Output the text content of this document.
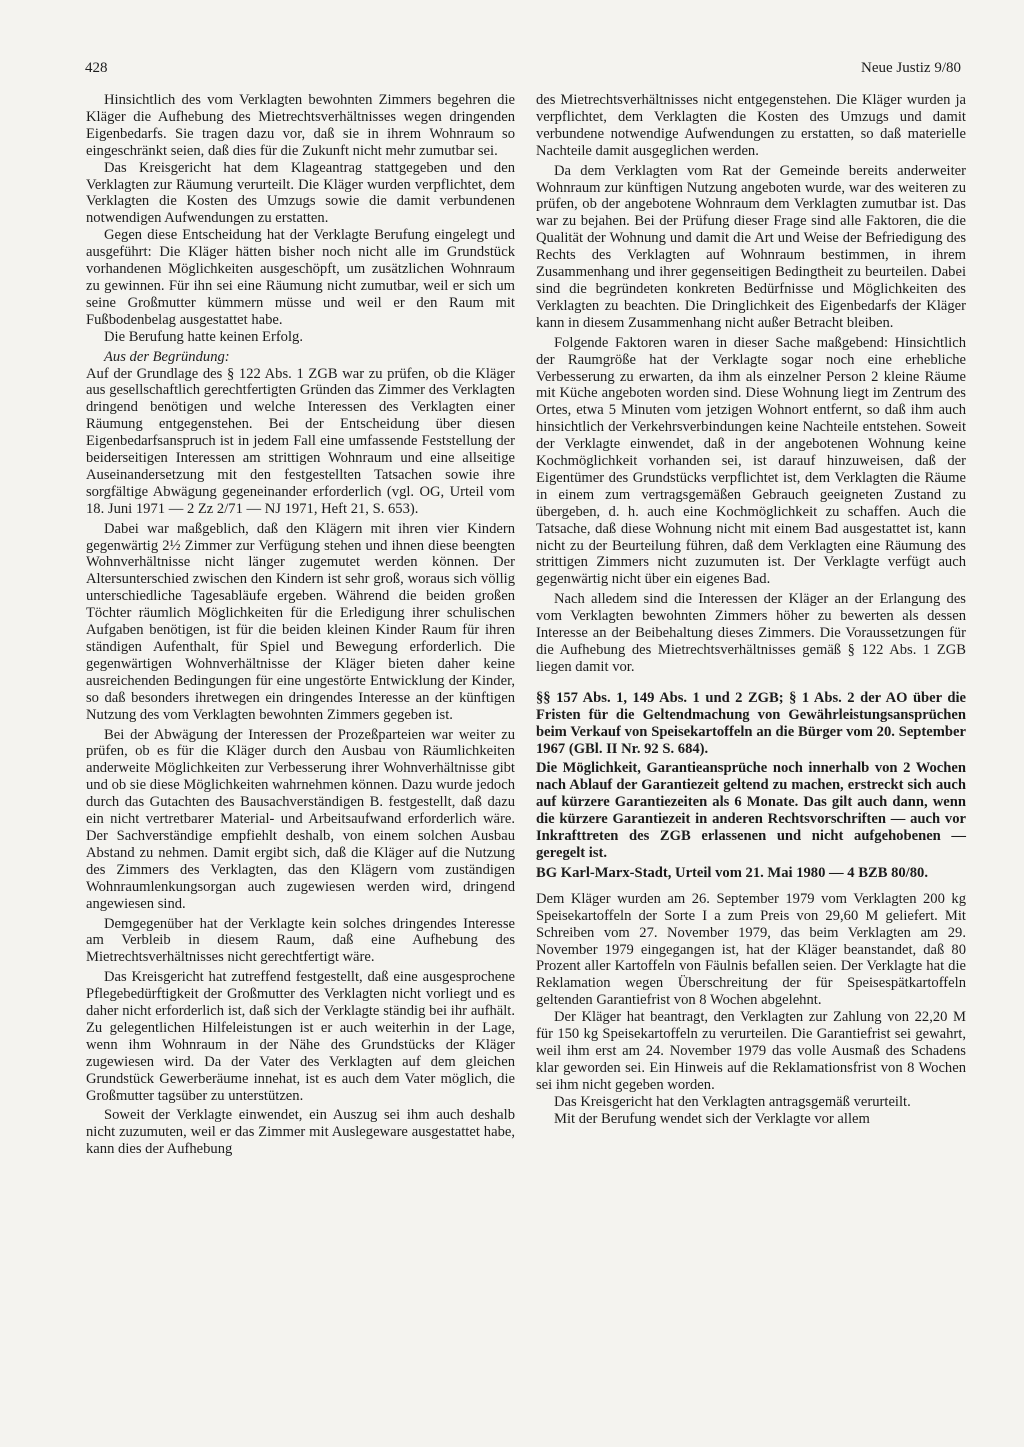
428	Neue Justiz 9/80

Hinsichtlich des vom Verklagten bewohnten Zimmers begehren die Kläger die Aufhebung des Mietrechtsverhältnisses wegen dringenden Eigenbedarfs. Sie tragen dazu vor, daß sie in ihrem Wohnraum so eingeschränkt seien, daß dies für die Zukunft nicht mehr zumutbar sei.

Das Kreisgericht hat dem Klageantrag stattgegeben und den Verklagten zur Räumung verurteilt. Die Kläger wurden verpflichtet, dem Verklagten die Kosten des Umzugs sowie die damit verbundenen notwendigen Aufwendungen zu erstatten.

Gegen diese Entscheidung hat der Verklagte Berufung eingelegt und ausgeführt: Die Kläger hätten bisher noch nicht alle im Grundstück vorhandenen Möglichkeiten ausgeschöpft, um zusätzlichen Wohnraum zu gewinnen. Für ihn sei eine Räumung nicht zumutbar, weil er sich um seine Großmutter kümmern müsse und weil er den Raum mit Fußbodenbelag ausgestattet habe.

Die Berufung hatte keinen Erfolg.

Aus der Begründung:

Auf der Grundlage des § 122 Abs. 1 ZGB war zu prüfen, ob die Kläger aus gesellschaftlich gerechtfertigten Gründen das Zimmer des Verklagten dringend benötigen und welche Interessen des Verklagten einer Räumung entgegenstehen. Bei der Entscheidung über diesen Eigenbedarfsanspruch ist in jedem Fall eine umfassende Feststellung der beiderseitigen Interessen am strittigen Wohnraum und eine allseitige Auseinandersetzung mit den festgestellten Tatsachen sowie ihre sorgfältige Abwägung gegeneinander erforderlich (vgl. OG, Urteil vom 18. Juni 1971 — 2 Zz 2/71 — NJ 1971, Heft 21, S. 653).

Dabei war maßgeblich, daß den Klägern mit ihren vier Kindern gegenwärtig 2½ Zimmer zur Verfügung stehen und ihnen diese beengten Wohnverhältnisse nicht länger zugemutet werden können. Der Altersunterschied zwischen den Kindern ist sehr groß, woraus sich völlig unterschiedliche Tagesabläufe ergeben. Während die beiden großen Töchter räumlich Möglichkeiten für die Erledigung ihrer schulischen Aufgaben benötigen, ist für die beiden kleinen Kinder Raum für ihren ständigen Aufenthalt, für Spiel und Bewegung erforderlich. Die gegenwärtigen Wohnverhältnisse der Kläger bieten daher keine ausreichenden Bedingungen für eine ungestörte Entwicklung der Kinder, so daß besonders ihretwegen ein dringendes Interesse an der künftigen Nutzung des vom Verklagten bewohnten Zimmers gegeben ist.

Bei der Abwägung der Interessen der Prozeßparteien war weiter zu prüfen, ob es für die Kläger durch den Ausbau von Räumlichkeiten anderweite Möglichkeiten zur Verbesserung ihrer Wohnverhältnisse gibt und ob sie diese Möglichkeiten wahrnehmen können. Dazu wurde jedoch durch das Gutachten des Bausachverständigen B. festgestellt, daß dazu ein nicht vertretbarer Material- und Arbeitsaufwand erforderlich wäre. Der Sachverständige empfiehlt deshalb, von einem solchen Ausbau Abstand zu nehmen. Damit ergibt sich, daß die Kläger auf die Nutzung des Zimmers des Verklagten, das den Klägern vom zuständigen Wohnraumlenkungsorgan auch zugewiesen werden wird, dringend angewiesen sind.

Demgegenüber hat der Verklagte kein solches dringendes Interesse am Verbleib in diesem Raum, daß eine Aufhebung des Mietrechtsverhältnisses nicht gerechtfertigt wäre.

Das Kreisgericht hat zutreffend festgestellt, daß eine ausgesprochene Pflegebedürftigkeit der Großmutter des Verklagten nicht vorliegt und es daher nicht erforderlich ist, daß sich der Verklagte ständig bei ihr aufhält. Zu gelegentlichen Hilfeleistungen ist er auch weiterhin in der Lage, wenn ihm Wohnraum in der Nähe des Grundstücks der Kläger zugewiesen wird. Da der Vater des Verklagten auf dem gleichen Grundstück Gewerberäume innehat, ist es auch dem Vater möglich, die Großmutter tagsüber zu unterstützen.

Soweit der Verklagte einwendet, ein Auszug sei ihm auch deshalb nicht zuzumuten, weil er das Zimmer mit Auslegeware ausgestattet habe, kann dies der Aufhebung

des Mietrechtsverhältnisses nicht entgegenstehen. Die Kläger wurden ja verpflichtet, dem Verklagten die Kosten des Umzugs und damit verbundene notwendige Aufwendungen zu erstatten, so daß materielle Nachteile damit ausgeglichen werden.

Da dem Verklagten vom Rat der Gemeinde bereits anderweiter Wohnraum zur künftigen Nutzung angeboten wurde, war des weiteren zu prüfen, ob der angebotene Wohnraum dem Verklagten zumutbar ist. Das war zu bejahen. Bei der Prüfung dieser Frage sind alle Faktoren, die die Qualität der Wohnung und damit die Art und Weise der Befriedigung des Rechts des Verklagten auf Wohnraum bestimmen, in ihrem Zusammenhang und ihrer gegenseitigen Bedingtheit zu beurteilen. Dabei sind die begründeten konkreten Bedürfnisse und Möglichkeiten des Verklagten zu beachten. Die Dringlichkeit des Eigenbedarfs der Kläger kann in diesem Zusammenhang nicht außer Betracht bleiben.

Folgende Faktoren waren in dieser Sache maßgebend: Hinsichtlich der Raumgröße hat der Verklagte sogar noch eine erhebliche Verbesserung zu erwarten, da ihm als einzelner Person 2 kleine Räume mit Küche angeboten worden sind. Diese Wohnung liegt im Zentrum des Ortes, etwa 5 Minuten vom jetzigen Wohnort entfernt, so daß ihm auch hinsichtlich der Verkehrsverbindungen keine Nachteile entstehen. Soweit der Verklagte einwendet, daß in der angebotenen Wohnung keine Kochmöglichkeit vorhanden sei, ist darauf hinzuweisen, daß der Eigentümer des Grundstücks verpflichtet ist, dem Verklagten die Räume in einem zum vertragsgemäßen Gebrauch geeigneten Zustand zu übergeben, d. h. auch eine Kochmöglichkeit zu schaffen. Auch die Tatsache, daß diese Wohnung nicht mit einem Bad ausgestattet ist, kann nicht zu der Beurteilung führen, daß dem Verklagten eine Räumung des strittigen Zimmers nicht zuzumuten ist. Der Verklagte verfügt auch gegenwärtig nicht über ein eigenes Bad.

Nach alledem sind die Interessen der Kläger an der Erlangung des vom Verklagten bewohnten Zimmers höher zu bewerten als dessen Interesse an der Beibehaltung dieses Zimmers. Die Voraussetzungen für die Aufhebung des Mietrechtsverhältnisses gemäß § 122 Abs. 1 ZGB liegen damit vor.

§§ 157 Abs. 1, 149 Abs. 1 und 2 ZGB; § 1 Abs. 2 der AO über die Fristen für die Geltendmachung von Gewährleistungsansprüchen beim Verkauf von Speisekartoffeln an die Bürger vom 20. September 1967 (GBl. II Nr. 92 S. 684).

Die Möglichkeit, Garantieansprüche noch innerhalb von 2 Wochen nach Ablauf der Garantiezeit geltend zu machen, erstreckt sich auch auf kürzere Garantiezeiten als 6 Monate. Das gilt auch dann, wenn die kürzere Garantiezeit in anderen Rechtsvorschriften — auch vor Inkrafttreten des ZGB erlassenen und nicht aufgehobenen — geregelt ist.

BG Karl-Marx-Stadt, Urteil vom 21. Mai 1980 — 4 BZB 80/80.

Dem Kläger wurden am 26. September 1979 vom Verklagten 200 kg Speisekartoffeln der Sorte I a zum Preis von 29,60 M geliefert. Mit Schreiben vom 27. November 1979, das beim Verklagten am 29. November 1979 eingegangen ist, hat der Kläger beanstandet, daß 80 Prozent aller Kartoffeln von Fäulnis befallen seien. Der Verklagte hat die Reklamation wegen Überschreitung der für Speisespätkartoffeln geltenden Garantiefrist von 8 Wochen abgelehnt.

Der Kläger hat beantragt, den Verklagten zur Zahlung von 22,20 M für 150 kg Speisekartoffeln zu verurteilen. Die Garantiefrist sei gewahrt, weil ihm erst am 24. November 1979 das volle Ausmaß des Schadens klar geworden sei. Ein Hinweis auf die Reklamationsfrist von 8 Wochen sei ihm nicht gegeben worden.

Das Kreisgericht hat den Verklagten antragsgemäß verurteilt.

Mit der Berufung wendet sich der Verklagte vor allem
